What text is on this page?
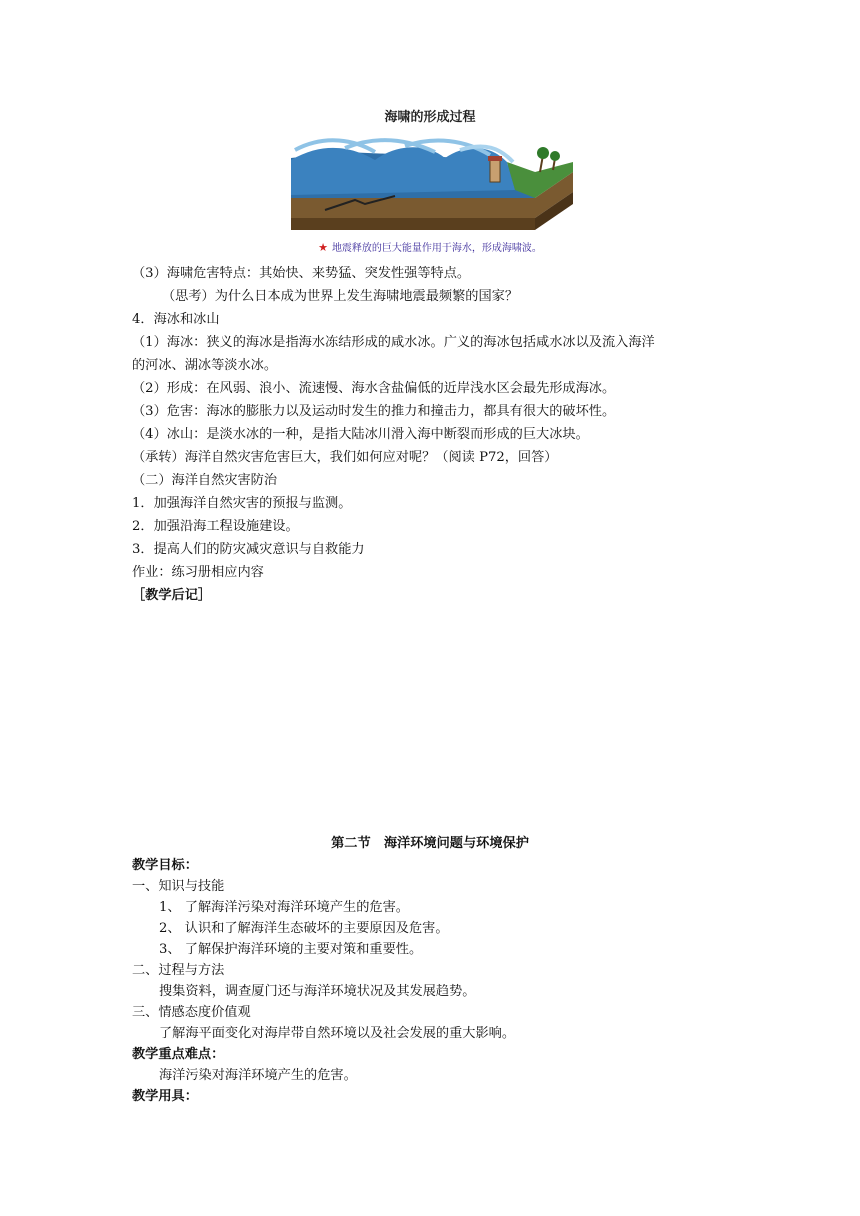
海啸的形成过程
★ 地震释放的巨大能量作用于海水，形成海啸波。
（3）海啸危害特点：其始快、来势猛、突发性强等特点。
（思考）为什么日本成为世界上发生海啸地震最频繁的国家？
4．海冰和冰山
（1）海冰：狭义的海冰是指海水冻结形成的咸水冰。广义的海冰包括咸水冰以及流入海洋
的河冰、湖冰等淡水冰。
（2）形成：在风弱、浪小、流速慢、海水含盐偏低的近岸浅水区会最先形成海冰。
（3）危害：海冰的膨胀力以及运动时发生的推力和撞击力，都具有很大的破坏性。
（4）冰山：是淡水冰的一种，是指大陆冰川滑入海中断裂而形成的巨大冰块。
（承转）海洋自然灾害危害巨大，我们如何应对呢？（阅读 P72，回答）
（二）海洋自然灾害防治
1．加强海洋自然灾害的预报与监测。
2．加强沿海工程设施建设。
3．提高人们的防灾减灾意识与自救能力
作业：练习册相应内容
［教学后记］
第二节　海洋环境问题与环境保护
教学目标：
一、知识与技能
1、 了解海洋污染对海洋环境产生的危害。
2、 认识和了解海洋生态破坏的主要原因及危害。
3、 了解保护海洋环境的主要对策和重要性。
二、过程与方法
搜集资料，调查厦门还与海洋环境状况及其发展趋势。
三、情感态度价值观
了解海平面变化对海岸带自然环境以及社会发展的重大影响。
教学重点难点：
海洋污染对海洋环境产生的危害。
教学用具：
